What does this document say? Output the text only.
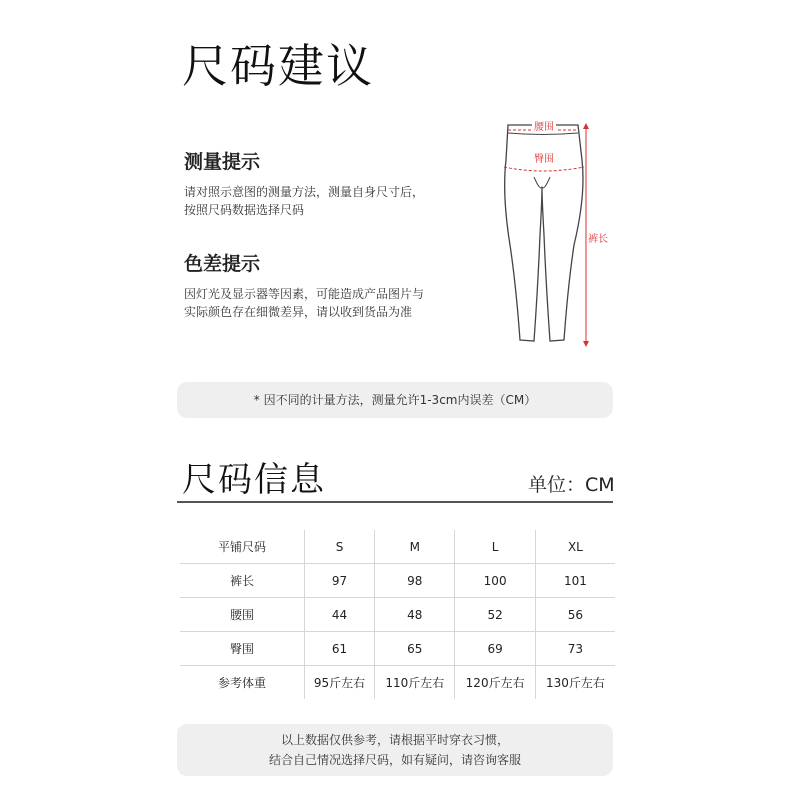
尺码建议
测量提示
请对照示意图的测量方法，测量自身尺寸后，
按照尺码数据选择尺码
色差提示
因灯光及显示器等因素，可能造成产品图片与
实际颜色存在细微差异，请以收到货品为准
腰围
臀围
裤长
* 因不同的计量方法，测量允许1-3cm内误差（CM）
尺码信息	单位：CM
平铺尺码	S	M	L	XL
裤长	97	98	100	101
腰围	44	48	52	56
臀围	61	65	69	73
参考体重	95斤左右	110斤左右	120斤左右	130斤左右
以上数据仅供参考，请根据平时穿衣习惯，
结合自己情况选择尺码，如有疑问，请咨询客服
